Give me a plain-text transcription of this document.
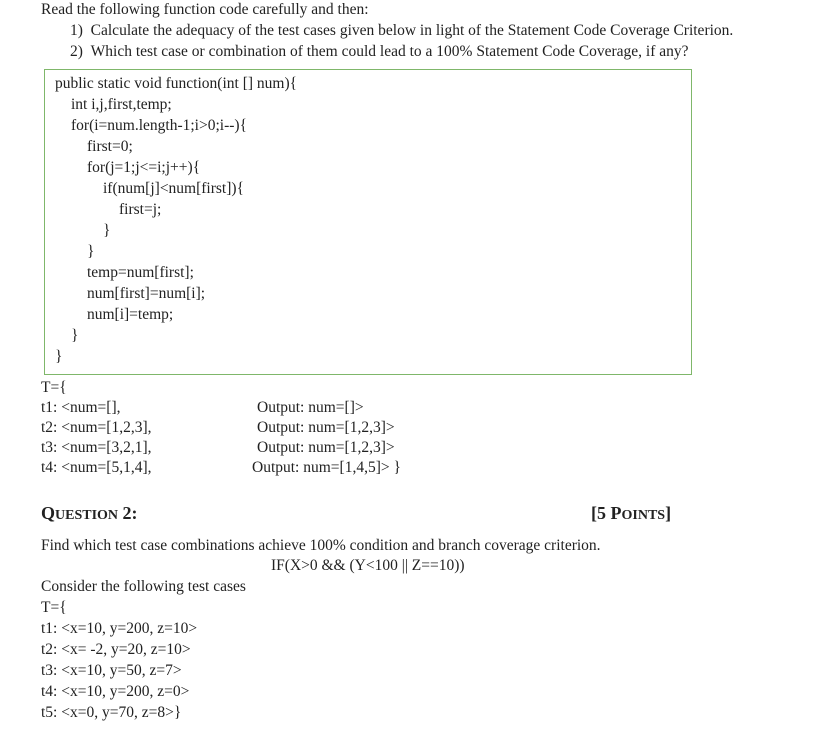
Read the following function code carefully and then:
1)  Calculate the adequacy of the test cases given below in light of the Statement Code Coverage Criterion.
2)  Which test case or combination of them could lead to a 100% Statement Code Coverage, if any?
public static void function(int [] num){
int i,j,first,temp;
for(i=num.length-1;i>0;i--){
first=0;
for(j=1;j<=i;j++){
if(num[j]<num[first]){
first=j;
}
}
temp=num[first];
num[first]=num[i];
num[i]=temp;
}
}
T={
t1: <num=[],
t2: <num=[1,2,3],
t3: <num=[3,2,1],
t4: <num=[5,1,4],
Output: num=[]>
Output: num=[1,2,3]>
Output: num=[1,2,3]>
Output: num=[1,4,5]> }
QUESTION 2:	[5 POINTS]
Find which test case combinations achieve 100% condition and branch coverage criterion.
IF(X>0 && (Y<100 || Z==10))
Consider the following test cases
T={
t1: <x=10, y=200, z=10>
t2: <x= -2, y=20, z=10>
t3: <x=10, y=50, z=7>
t4: <x=10, y=200, z=0>
t5: <x=0, y=70, z=8>}
